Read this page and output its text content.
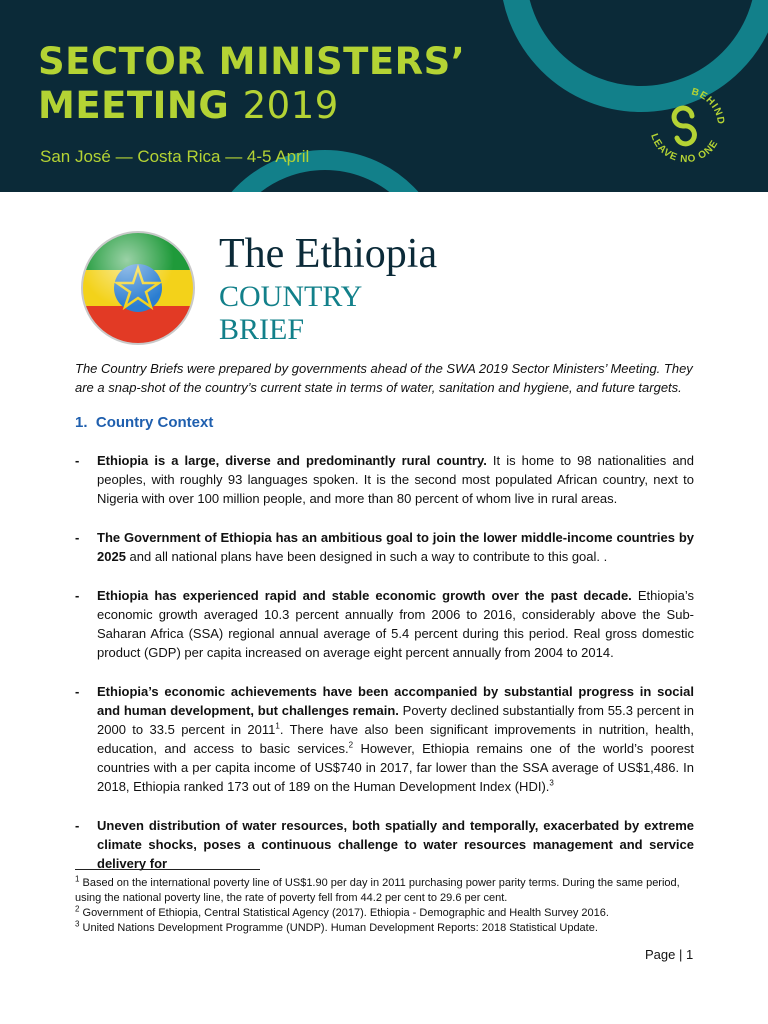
SECTOR MINISTERS’
MEETING 2019
San José — Costa Rica — 4-5 April
BEHIND
LEAVE NO ONE
The Ethiopia
COUNTRY
BRIEF
The Country Briefs were prepared by governments ahead of the SWA 2019 Sector Ministers’ Meeting. They are a snap-shot of the country’s current state in terms of water, sanitation and hygiene, and future targets.
1. Country Context
- Ethiopia is a large, diverse and predominantly rural country. It is home to 98 nationalities and peoples, with roughly 93 languages spoken. It is the second most populated African country, next to Nigeria with over 100 million people, and more than 80 percent of whom live in rural areas.
- The Government of Ethiopia has an ambitious goal to join the lower middle-income countries by 2025 and all national plans have been designed in such a way to contribute to this goal. .
- Ethiopia has experienced rapid and stable economic growth over the past decade. Ethiopia’s economic growth averaged 10.3 percent annually from 2006 to 2016, considerably above the Sub-Saharan Africa (SSA) regional annual average of 5.4 percent during this period. Real gross domestic product (GDP) per capita increased on average eight percent annually from 2004 to 2014.
- Ethiopia’s economic achievements have been accompanied by substantial progress in social and human development, but challenges remain. Poverty declined substantially from 55.3 percent in 2000 to 33.5 percent in 2011$^1$. There have also been significant improvements in nutrition, health, education, and access to basic services.$^2$ However, Ethiopia remains one of the world’s poorest countries with a per capita income of US$740 in 2017, far lower than the SSA average of US$1,486. In 2018, Ethiopia ranked 173 out of 189 on the Human Development Index (HDI).$^3$
- Uneven distribution of water resources, both spatially and temporally, exacerbated by extreme climate shocks, poses a continuous challenge to water resources management and service delivery for
$^1$ Based on the international poverty line of US$1.90 per day in 2011 purchasing power parity terms. During the same period, using the national poverty line, the rate of poverty fell from 44.2 per cent to 29.6 per cent.
$^2$ Government of Ethiopia, Central Statistical Agency (2017). Ethiopia - Demographic and Health Survey 2016.
$^3$ United Nations Development Programme (UNDP). Human Development Reports: 2018 Statistical Update.
Page | 1
